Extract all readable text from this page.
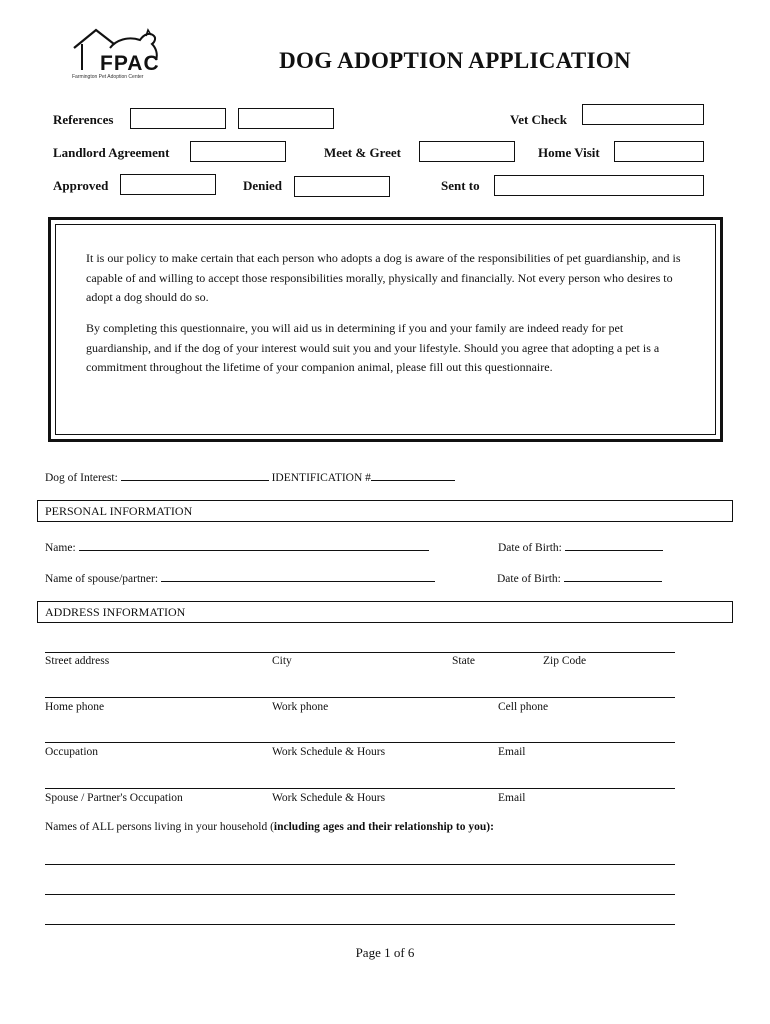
FPAC
Farmington Pet Adoption Center
DOG ADOPTION APPLICATION
References	Vet Check
Landlord Agreement	Meet & Greet	Home Visit
Approved	Denied	Sent to

It is our policy to make certain that each person who adopts a dog is aware of the responsibilities of pet guardianship, and is capable of and willing to accept those responsibilities morally, physically and financially. Not every person who desires to adopt a dog should do so.

By completing this questionnaire, you will aid us in determining if you and your family are indeed ready for pet guardianship, and if the dog of your interest would suit you and your lifestyle. Should you agree that adopting a pet is a commitment throughout the lifetime of your companion animal, please fill out this questionnaire.

Dog of Interest:	IDENTIFICATION #
PERSONAL INFORMATION
Name:	Date of Birth:
Name of spouse/partner:	Date of Birth:
ADDRESS INFORMATION
Street address	City	State	Zip Code
Home phone	Work phone	Cell phone
Occupation	Work Schedule & Hours	Email
Spouse / Partner's Occupation	Work Schedule & Hours	Email
Names of ALL persons living in your household (including ages and their relationship to you):
Page 1 of 6
